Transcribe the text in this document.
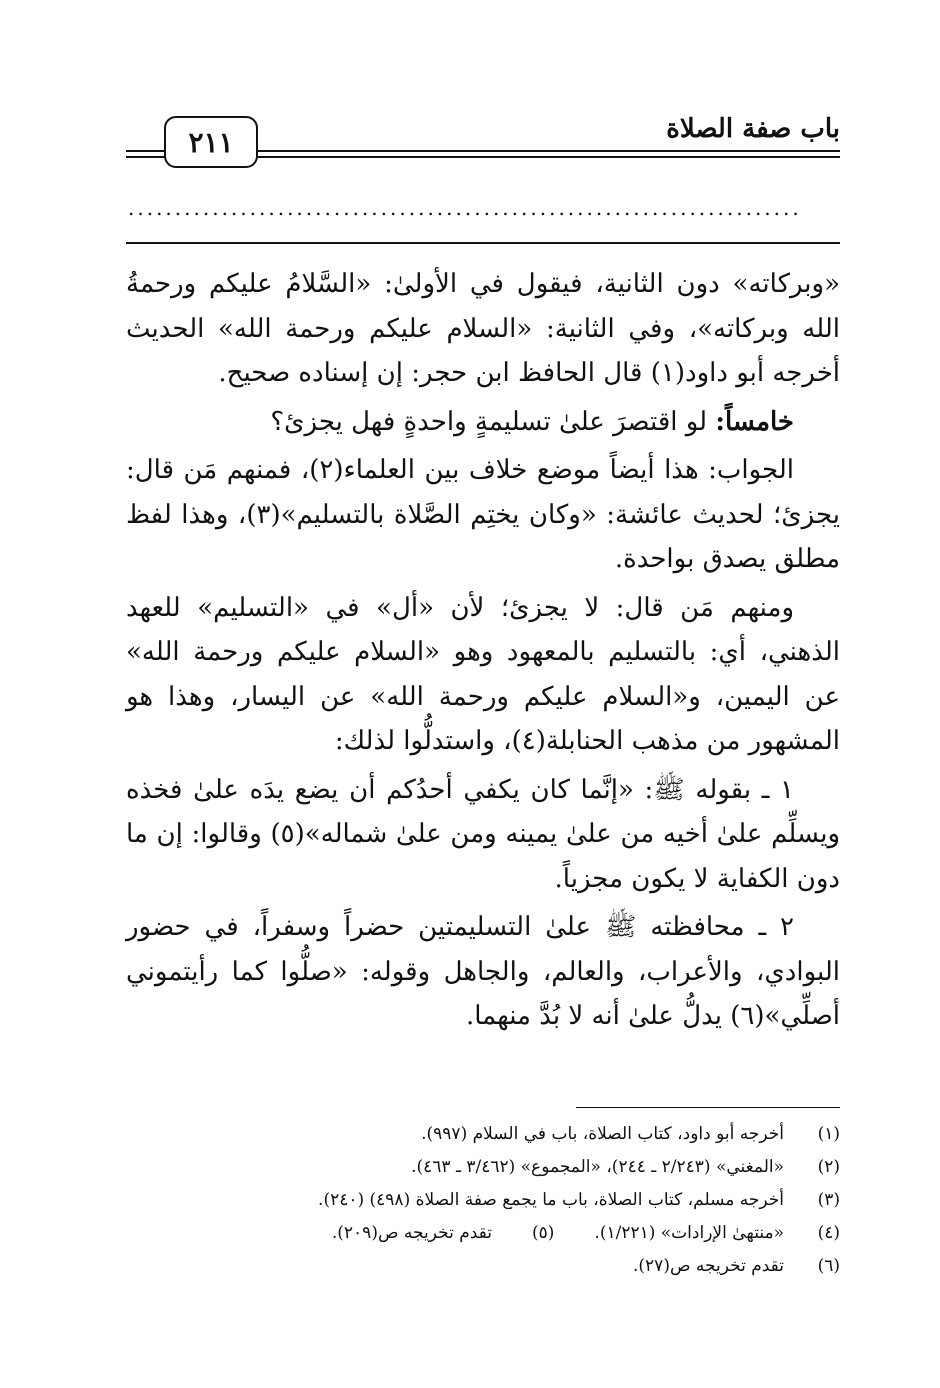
باب صفة الصلاة
٢١١
........................................................................

«وبركاته» دون الثانية، فيقول في الأولىٰ: «السَّلامُ عليكم ورحمةُ الله وبركاته»، وفي الثانية: «السلام عليكم ورحمة الله» الحديث أخرجه أبو داود(١) قال الحافظ ابن حجر: إن إسناده صحيح.

خامساً: لو اقتصرَ علىٰ تسليمةٍ واحدةٍ فهل يجزئ؟

الجواب: هذا أيضاً موضع خلاف بين العلماء(٢)، فمنهم مَن قال: يجزئ؛ لحديث عائشة: «وكان يختِم الصَّلاة بالتسليم»(٣)، وهذا لفظ مطلق يصدق بواحدة.

ومنهم مَن قال: لا يجزئ؛ لأن «أل» في «التسليم» للعهد الذهني، أي: بالتسليم بالمعهود وهو «السلام عليكم ورحمة الله» عن اليمين، و«السلام عليكم ورحمة الله» عن اليسار، وهذا هو المشهور من مذهب الحنابلة(٤)، واستدلُّوا لذلك:

١ ـ بقوله ﷺ: «إنَّما كان يكفي أحدُكم أن يضع يدَه علىٰ فخذه ويسلِّم علىٰ أخيه من علىٰ يمينه ومن علىٰ شماله»(٥) وقالوا: إن ما دون الكفاية لا يكون مجزياً.

٢ ـ محافظته ﷺ علىٰ التسليمتين حضراً وسفراً، في حضور البوادي، والأعراب، والعالم، والجاهل وقوله: «صلُّوا كما رأيتموني أصلِّي»(٦) يدلُّ علىٰ أنه لا بُدَّ منهما.

(١)
أخرجه أبو داود، كتاب الصلاة، باب في السلام (٩٩٧).
(٢)
«المغني» (٢/٢٤٣ ـ ٢٤٤)، «المجموع» (٣/٤٦٢ ـ ٤٦٣).
(٣)
أخرجه مسلم، كتاب الصلاة، باب ما يجمع صفة الصلاة (٤٩٨) (٢٤٠).
(٤)
«منتهىٰ الإرادات» (١/٢٢١).(٥)تقدم تخريجه ص(٢٠٩).
(٦)
تقدم تخريجه ص(٢٧).
